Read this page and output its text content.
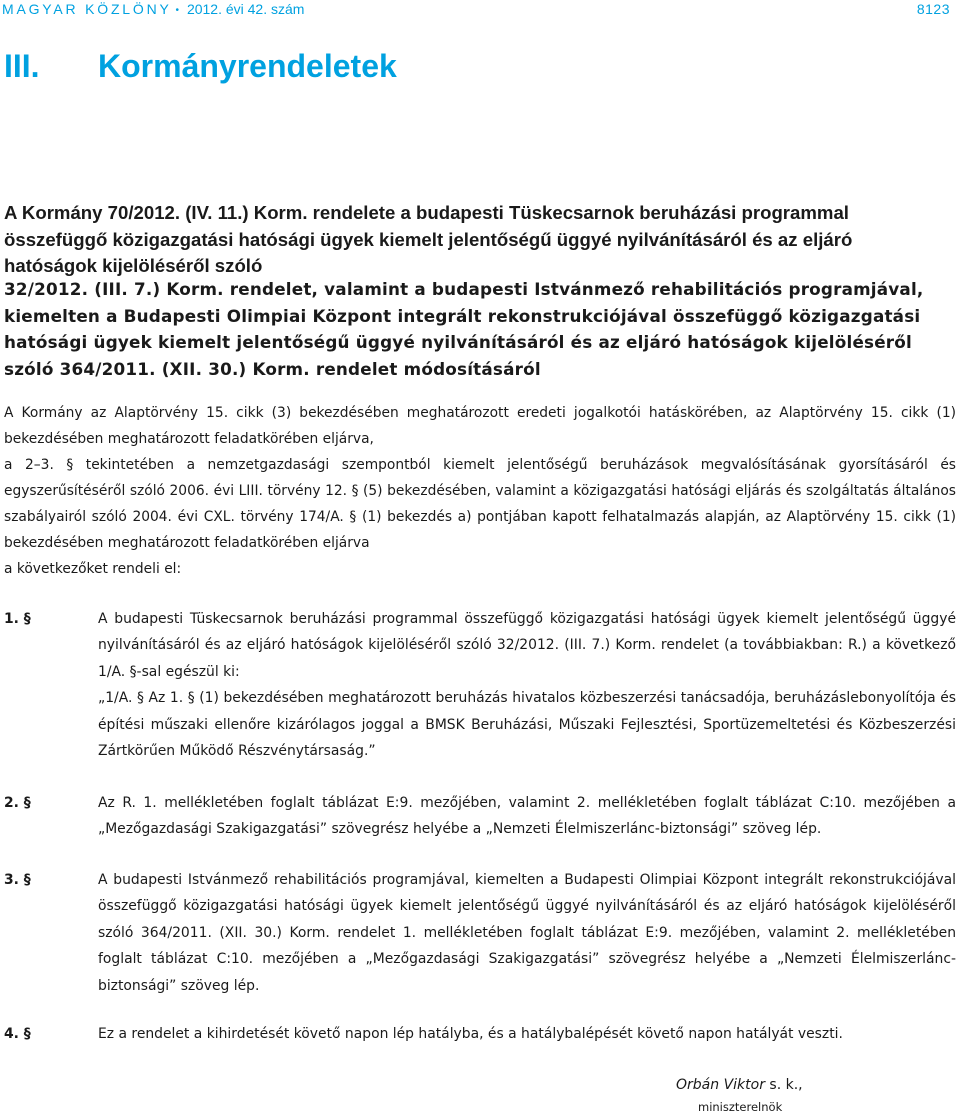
MAGYAR KÖZLÖNY • 2012. évi 42. szám	8123
III. Kormányrendeletek
A Kormány 70/2012. (IV. 11.) Korm. rendelete a budapesti Tüskecsarnok beruházási programmal összefüggő közigazgatási hatósági ügyek kiemelt jelentőségű üggyé nyilvánításáról és az eljáró hatóságok kijelöléséről szóló
32/2012. (III. 7.) Korm. rendelet, valamint a budapesti Istvánmező rehabilitációs programjával, kiemelten a Budapesti Olimpiai Központ integrált rekonstrukciójával összefüggő közigazgatási hatósági ügyek kiemelt jelentőségű üggyé nyilvánításáról és az eljáró hatóságok kijelöléséről szóló 364/2011. (XII. 30.) Korm. rendelet módosításáról

A Kormány az Alaptörvény 15. cikk (3) bekezdésében meghatározott eredeti jogalkotói hatáskörében, az Alaptörvény 15. cikk (1) bekezdésében meghatározott feladatkörében eljárva,

a 2–3. § tekintetében a nemzetgazdasági szempontból kiemelt jelentőségű beruházások megvalósításának gyorsításáról és egyszerűsítéséről szóló 2006. évi LIII. törvény 12. § (5) bekezdésében, valamint a közigazgatási hatósági eljárás és szolgáltatás általános szabályairól szóló 2004. évi CXL. törvény 174/A. § (1) bekezdés a) pontjában kapott felhatalmazás alapján, az Alaptörvény 15. cikk (1) bekezdésében meghatározott feladatkörében eljárva

a következőket rendeli el:

1. §	A budapesti Tüskecsarnok beruházási programmal összefüggő közigazgatási hatósági ügyek kiemelt jelentőségű üggyé nyilvánításáról és az eljáró hatóságok kijelöléséről szóló 32/2012. (III. 7.) Korm. rendelet (a továbbiakban: R.) a következő 1/A. §-sal egészül ki:

„1/A. § Az 1. § (1) bekezdésében meghatározott beruházás hivatalos közbeszerzési tanácsadója, beruházáslebonyolítója és építési műszaki ellenőre kizárólagos joggal a BMSK Beruházási, Műszaki Fejlesztési, Sportüzemeltetési és Közbeszerzési Zártkörűen Működő Részvénytársaság.”

2. §	Az R. 1. mellékletében foglalt táblázat E:9. mezőjében, valamint 2. mellékletében foglalt táblázat C:10. mezőjében a „Mezőgazdasági Szakigazgatási” szövegrész helyébe a „Nemzeti Élelmiszerlánc-biztonsági” szöveg lép.

3. §	A budapesti Istvánmező rehabilitációs programjával, kiemelten a Budapesti Olimpiai Központ integrált rekonstrukciójával összefüggő közigazgatási hatósági ügyek kiemelt jelentőségű üggyé nyilvánításáról és az eljáró hatóságok kijelöléséről szóló 364/2011. (XII. 30.) Korm. rendelet 1. mellékletében foglalt táblázat E:9. mezőjében, valamint 2. mellékletében foglalt táblázat C:10. mezőjében a „Mezőgazdasági Szakigazgatási” szövegrész helyébe a „Nemzeti Élelmiszerlánc-biztonsági” szöveg lép.

4. §	Ez a rendelet a kihirdetését követő napon lép hatályba, és a hatálybalépését követő napon hatályát veszti.

Orbán Viktor s. k.,
miniszterelnök
